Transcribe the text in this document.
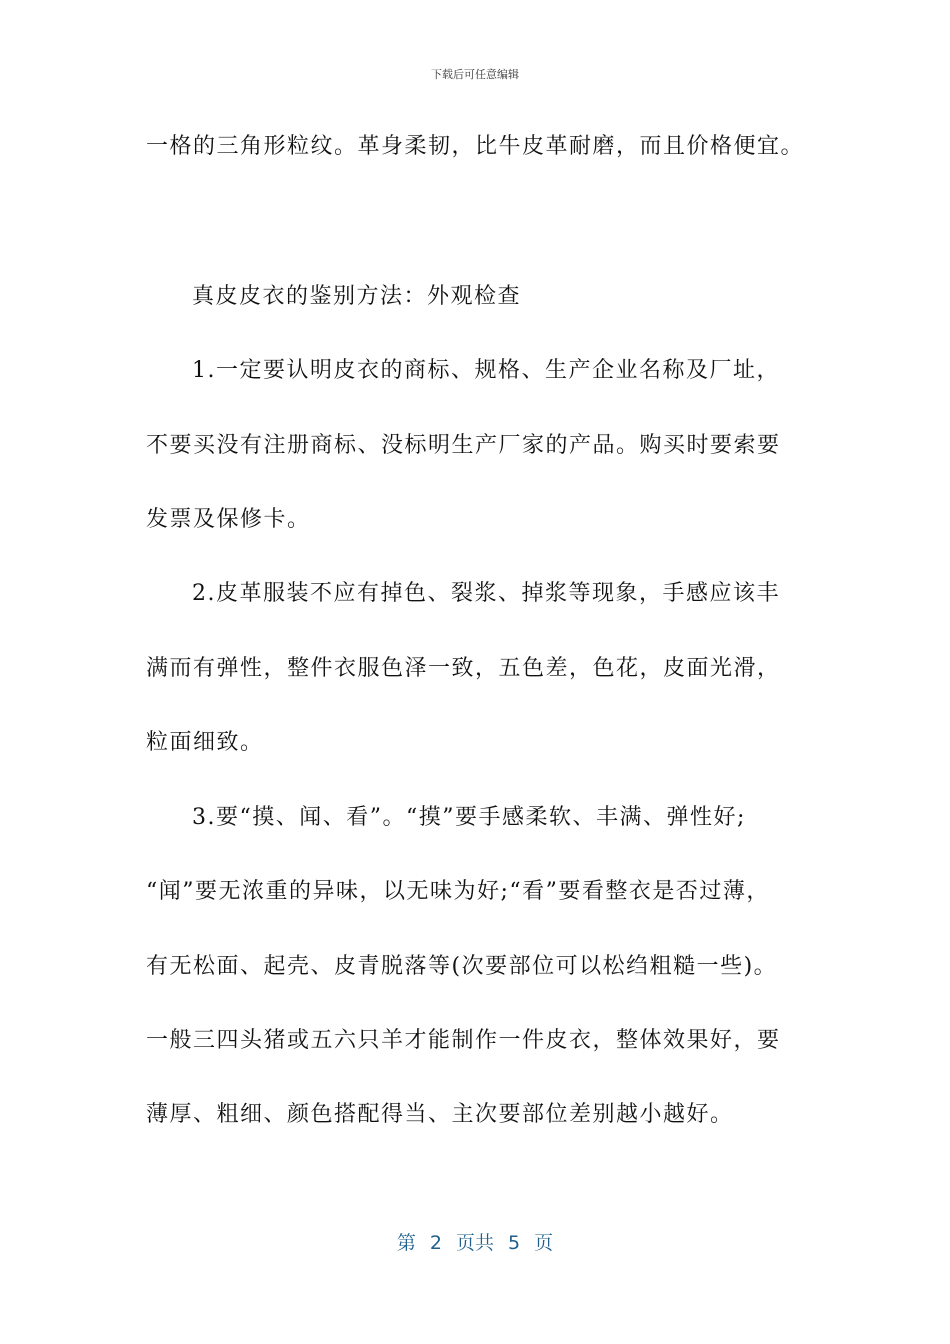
下载后可任意编辑
一格的三角形粒纹。革身柔韧，比牛皮革耐磨，而且价格便宜。
真皮皮衣的鉴别方法：外观检查
1.一定要认明皮衣的商标、规格、生产企业名称及厂址，
不要买没有注册商标、没标明生产厂家的产品。购买时要索要
发票及保修卡。
2.皮革服装不应有掉色、裂浆、掉浆等现象，手感应该丰
满而有弹性，整件衣服色泽一致，五色差，色花，皮面光滑，
粒面细致。
3.要“摸、闻、看”。“摸”要手感柔软、丰满、弹性好;
“闻”要无浓重的异味，以无味为好;“看”要看整衣是否过薄，
有无松面、起壳、皮青脱落等(次要部位可以松绉粗糙一些)。
一般三四头猪或五六只羊才能制作一件皮衣，整体效果好，要
薄厚、粗细、颜色搭配得当、主次要部位差别越小越好。
第 2 页共 5 页
